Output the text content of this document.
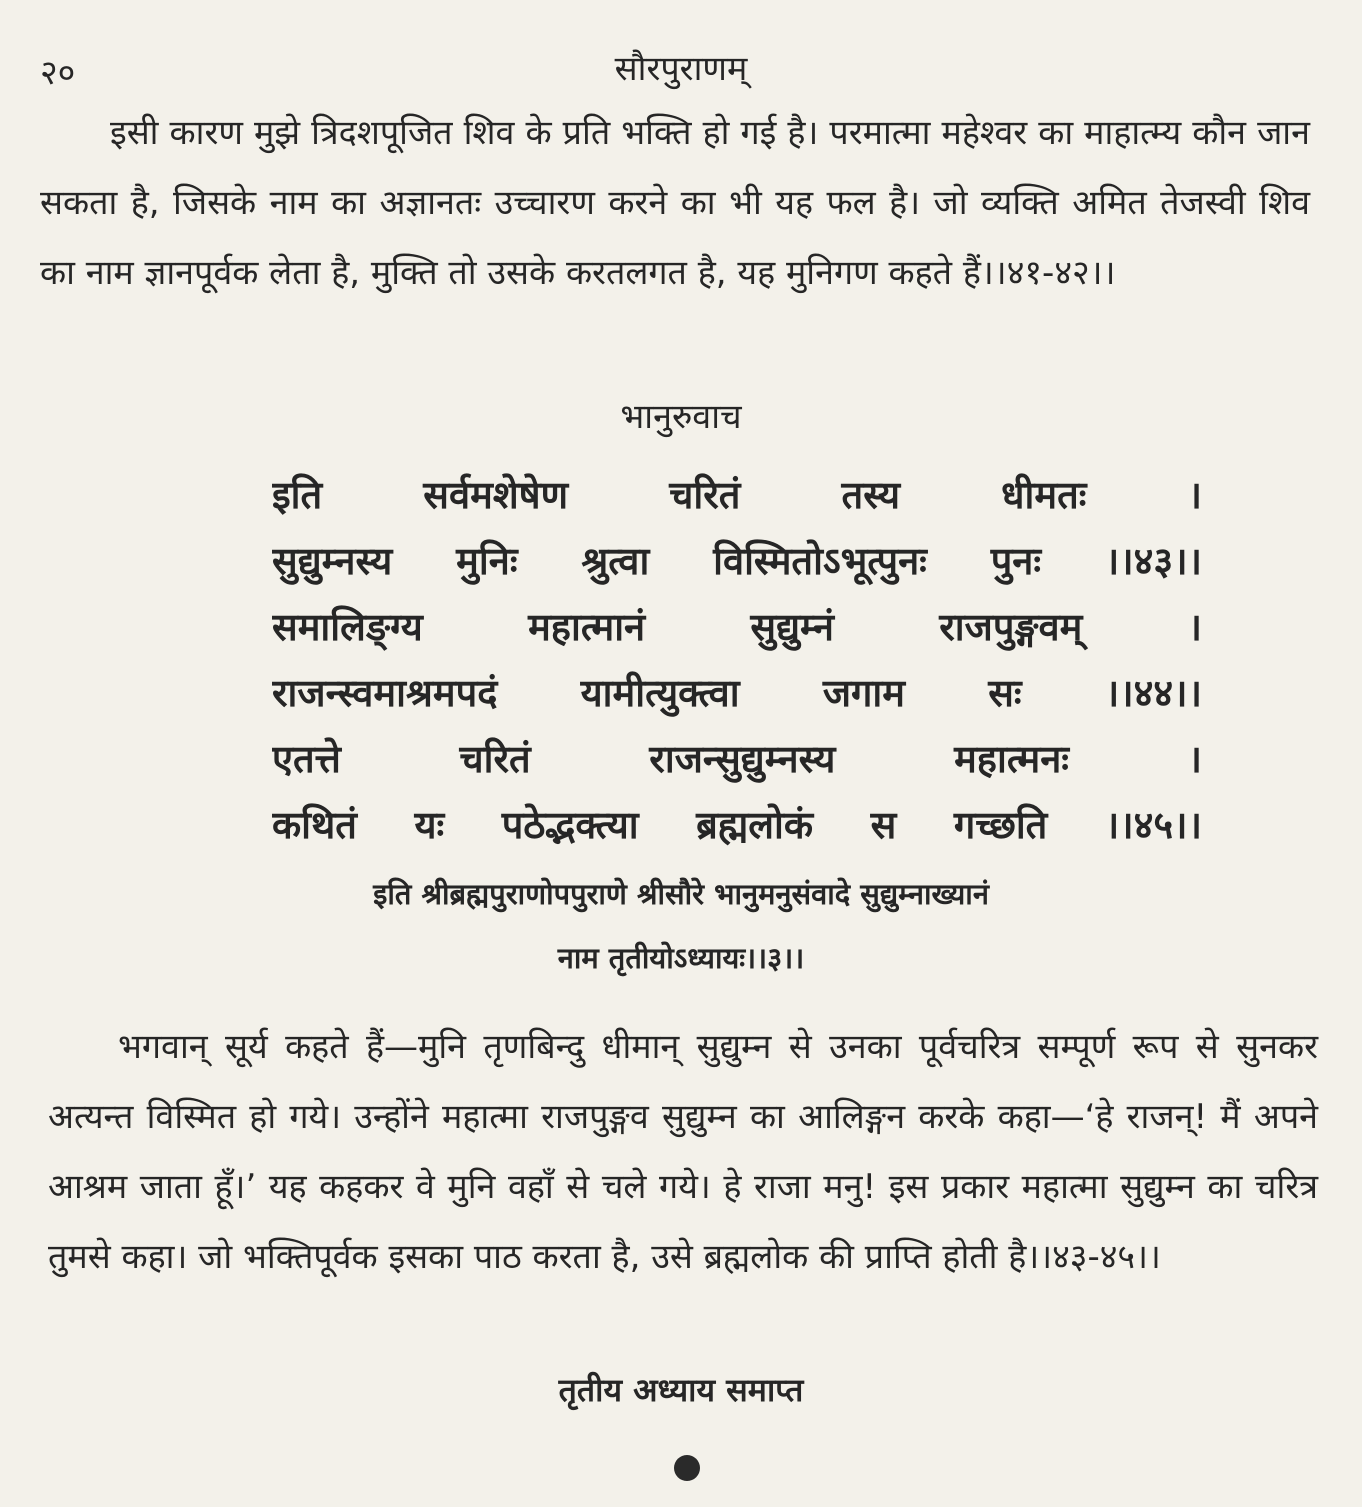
२०	सौरपुराणम्
इसी कारण मुझे त्रिदशपूजित शिव के प्रति भक्ति हो गई है। परमात्मा महेश्वर का माहात्म्य कौन जान सकता है, जिसके नाम का अज्ञानतः उच्चारण करने का भी यह फल है। जो व्यक्ति अमित तेजस्वी शिव का नाम ज्ञानपूर्वक लेता है, मुक्ति तो उसके करतलगत है, यह मुनिगण कहते हैं।।४१-४२।।
भानुरुवाच
इति सर्वमशेषेण चरितं तस्य धीमतः ।
सुद्युम्नस्य मुनिः श्रुत्वा विस्मितोऽभूत्पुनः पुनः ।।४३।।
समालिङ्ग्य महात्मानं सुद्युम्नं राजपुङ्गवम् ।
राजन्स्वमाश्रमपदं यामीत्युक्त्वा जगाम सः ।।४४।।
एतत्ते चरितं राजन्सुद्युम्नस्य महात्मनः ।
कथितं यः पठेद्भक्त्या ब्रह्मलोकं स गच्छति ।।४५।।
इति श्रीब्रह्मपुराणोपपुराणे श्रीसौरे भानुमनुसंवादे सुद्युम्नाख्यानं
नाम तृतीयोऽध्यायः।।३।।
भगवान् सूर्य कहते हैं—मुनि तृणबिन्दु धीमान् सुद्युम्न से उनका पूर्वचरित्र सम्पूर्ण रूप से सुनकर अत्यन्त विस्मित हो गये। उन्होंने महात्मा राजपुङ्गव सुद्युम्न का आलिङ्गन करके कहा—‘हे राजन्! मैं अपने आश्रम जाता हूँ।’ यह कहकर वे मुनि वहाँ से चले गये। हे राजा मनु! इस प्रकार महात्मा सुद्युम्न का चरित्र तुमसे कहा। जो भक्तिपूर्वक इसका पाठ करता है, उसे ब्रह्मलोक की प्राप्ति होती है।।४३-४५।।
तृतीय अध्याय समाप्त
